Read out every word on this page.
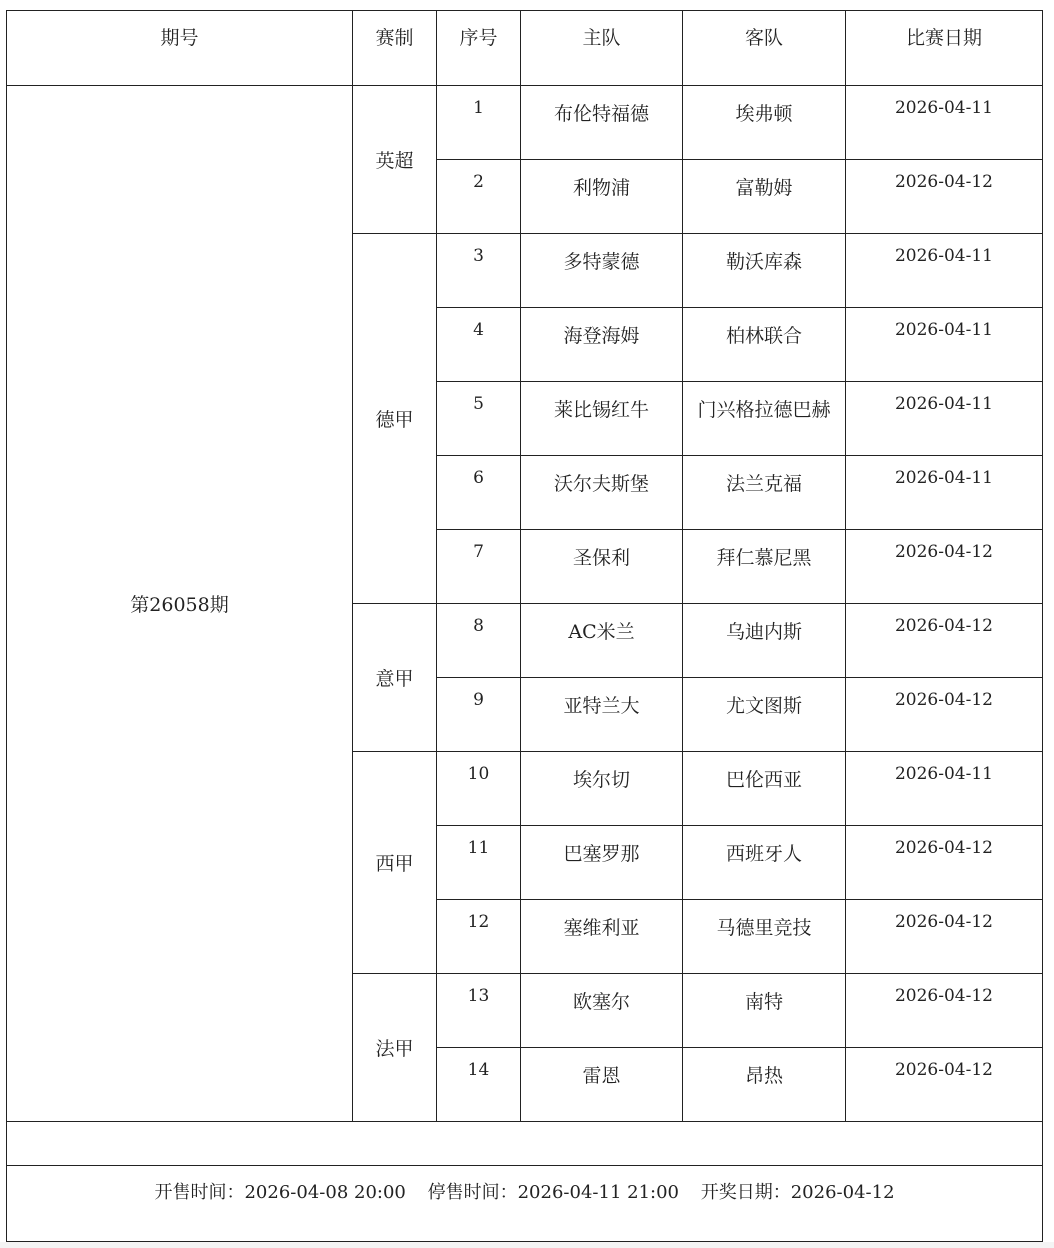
期号	赛制	序号	主队	客队	比赛日期
第26058期	英超	1	布伦特福德	埃弗顿	2026-04-11
		2	利物浦	富勒姆	2026-04-12
	德甲	3	多特蒙德	勒沃库森	2026-04-11
		4	海登海姆	柏林联合	2026-04-11
		5	莱比锡红牛	门兴格拉德巴赫	2026-04-11
		6	沃尔夫斯堡	法兰克福	2026-04-11
		7	圣保利	拜仁慕尼黑	2026-04-12
	意甲	8	AC米兰	乌迪内斯	2026-04-12
		9	亚特兰大	尤文图斯	2026-04-12
	西甲	10	埃尔切	巴伦西亚	2026-04-11
		11	巴塞罗那	西班牙人	2026-04-12
		12	塞维利亚	马德里竞技	2026-04-12
	法甲	13	欧塞尔	南特	2026-04-12
		14	雷恩	昂热	2026-04-12

开售时间：2026-04-08 20:00 停售时间：2026-04-11 21:00 开奖日期：2026-04-12					
